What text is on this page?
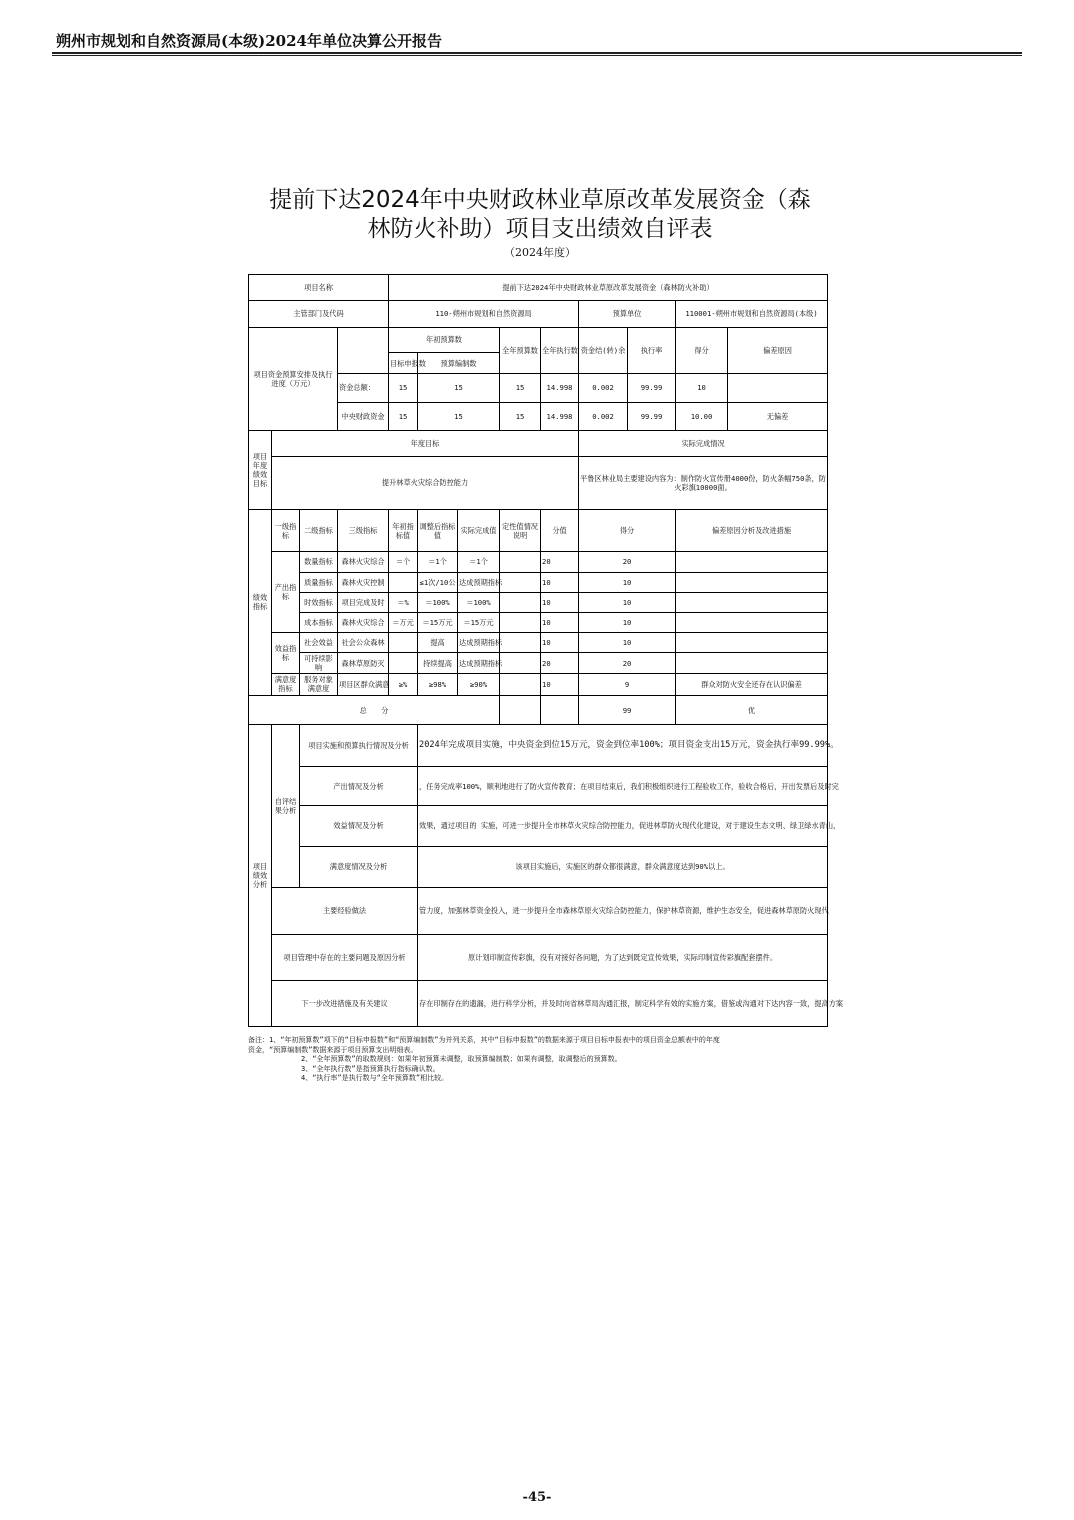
朔州市规划和自然资源局(本级)2024年单位决算公开报告
提前下达2024年中央财政林业草原改革发展资金（森
林防火补助）项目支出绩效自评表
（2024年度）
项目名称				提前下达2024年中央财政林业草原改革发展资金（森林防火补助）								
主管部门及代码				110-朔州市规划和自然资源局					预算单位		110001-朔州市规划和自然资源局(本级)	
项目资金预算安排及执行进度（万元）				年初预算数			全年预算数	全年执行数	资金结(转)余	执行率	得分	偏差原因
				目标申报数	预算编制数							
			资金总额：	15	15		15	14.998	0.002	99.99	10	
			中央财政资金	15	15		15	14.998	0.002	99.99	10.00	无偏差
项目年度绩效目标	年度目标								实际完成情况			
	提升林草火灾综合防控能力								平鲁区林业局主要建设内容为：制作防火宣传册4000份，防火条幅750条，防火彩旗10000面。			
绩效指标	一级指标	二级指标	三级指标	年初指标值	调整后指标值	实际完成值	定性值情况说明	分值	得分		偏差原因分析及改进措施	
	产出指标	数量指标	森林火灾综合	＝个	＝1个	＝1个		20	20			
		质量指标	森林火灾控制		≤1次/10公	达成预期指标		10	10			
		时效指标	项目完成及时	＝%	＝100%	＝100%		10	10			
		成本指标	森林火灾综合	＝万元	＝15万元	＝15万元		10	10			
	效益指标	社会效益	社会公众森林		提高	达成预期指标		10	10			
		可持续影响	森林草原防灭		持续提高	达成预期指标		20	20			
	满意度指标	服务对象满意度	项目区群众满意	≥%	≥98%	≥90%		10	9		群众对防火安全还存在认识偏差	
总　　分									99		优	
项目绩效分析	自评结果分析	项目实施和预算执行情况及分析			2024年完成项目实施，中央资金到位15万元，资金到位率100%；项目资金支出15万元，资金执行率99.99%。							
		产出情况及分析			，任务完成率100%，顺利地进行了防火宣传教育；在项目结束后，我们积极组织进行工程验收工作，验收合格后，开出发票后及时完							
		效益情况及分析			效果，通过项目的 实施，可进一步提升全市林草火灾综合防控能力，促进林草防火现代化建设，对于建设生态文明、绿卫绿水青山，							
		满意度情况及分析			该项目实施后，实施区的群众都很满意，群众满意度达到90%以上。							
	主要经验做法				管力度，加强林草资金投入，进一步提升全市森林草原火灾综合防控能力，保护林草资源，维护生态安全，促进森林草原防火现代							
	项目管理中存在的主要问题及原因分析				原计划印制宣传彩旗，没有对接好各问题，为了达到既定宣传效果，实际印制宣传彩旗配套摆件。							
	下一步改进措施及有关建议				存在印制存在的遗漏，进行科学分析，并及时向省林草局沟通汇报，制定科学有效的实施方案，借鉴或沟通对下达内容一致，提高方案							
备注：1、“年初预算数”项下的“目标申报数”和“预算编制数”为并列关系，其中“目标申报数”的数据来源于项目目标申报表中的项目资金总额表中的年度
资金，“预算编制数”数据来源于项目预算支出明细表。
2、“全年预算数”的取数规则：如果年初预算未调整，取预算编制数；如果有调整，取调整后的预算数。
3、“全年执行数”是指预算执行指标确认数。
4、“执行率”是执行数与“全年预算数”相比较。
-45-
